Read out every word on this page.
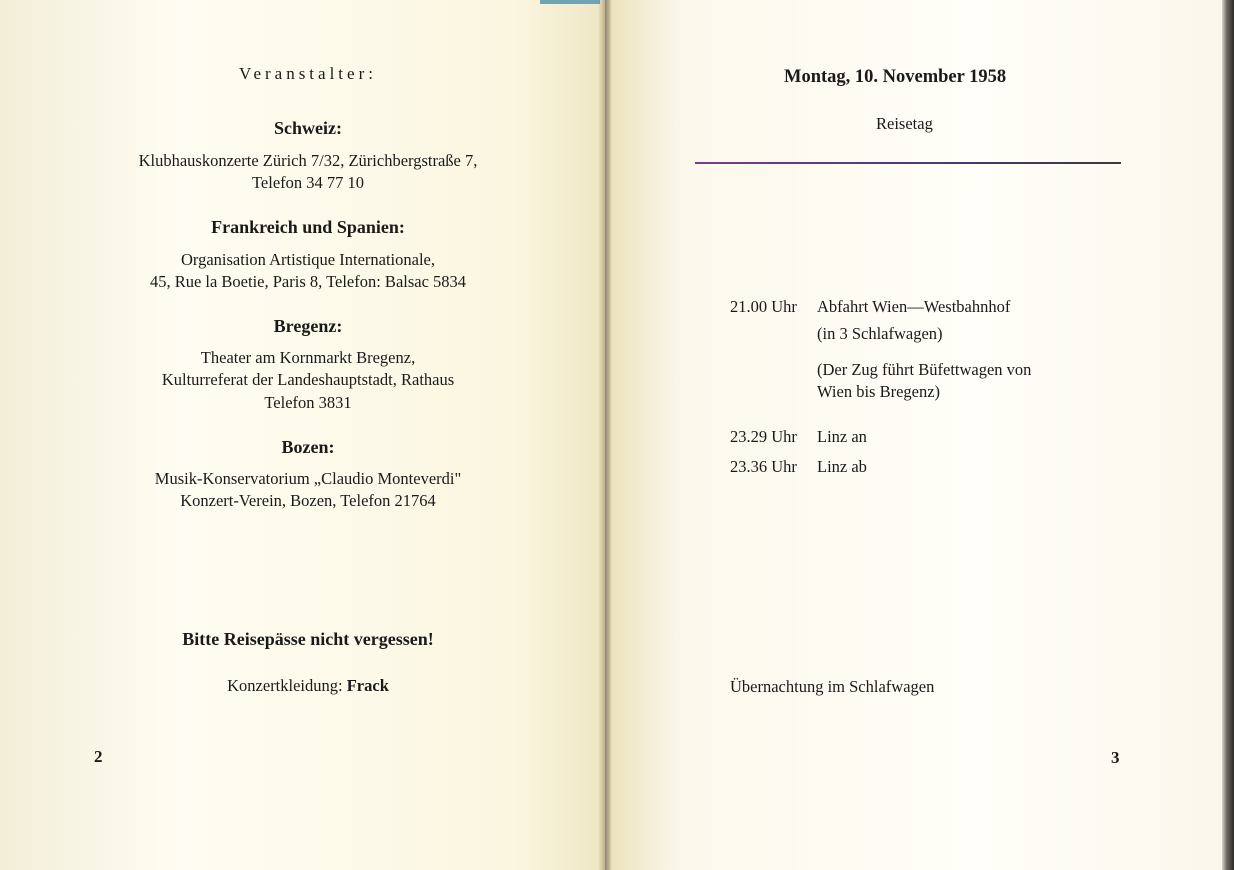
Veranstalter:
Schweiz:
Klubhauskonzerte Zürich 7/32, Zürichbergstraße 7,
Telefon 34 77 10
Frankreich und Spanien:
Organisation Artistique Internationale,
45, Rue la Boetie, Paris 8, Telefon: Balsac 5834
Bregenz:
Theater am Kornmarkt Bregenz,
Kulturreferat der Landeshauptstadt, Rathaus
Telefon 3831
Bozen:
Musik-Konservatorium „Claudio Monteverdi"
Konzert-Verein, Bozen, Telefon 21764
Bitte Reisepässe nicht vergessen!
Konzertkleidung: Frack
2
Montag, 10. November 1958
Reisetag
21.00 Uhr Abfahrt Wien—Westbahnhof
(in 3 Schlafwagen)
(Der Zug führt Büfettwagen von
Wien bis Bregenz)
23.29 Uhr Linz an
23.36 Uhr Linz ab
Übernachtung im Schlafwagen
3
